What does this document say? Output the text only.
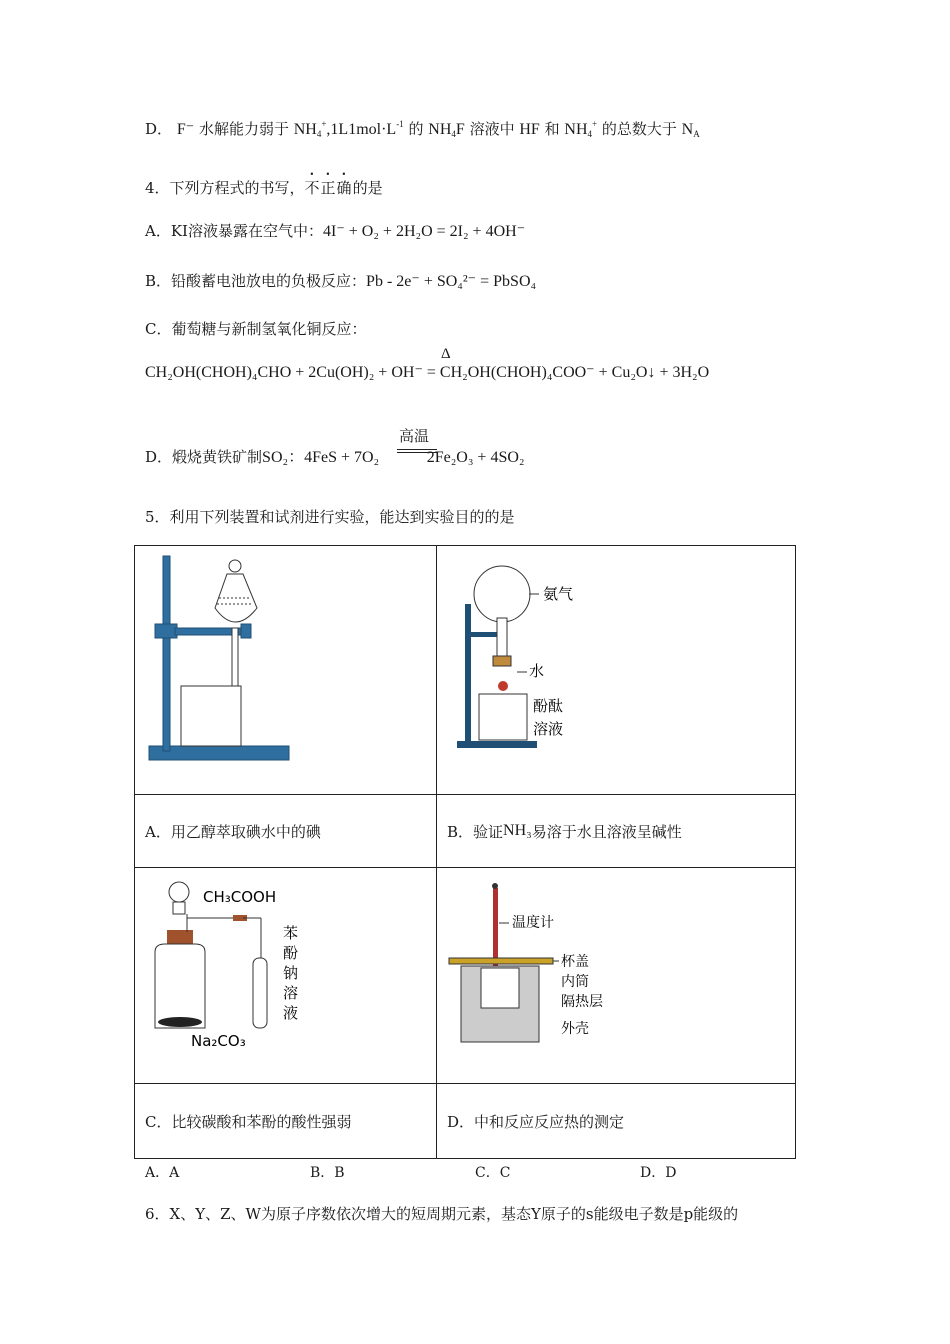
D． F⁻ 水解能力弱于 $NH_4^+,1L1mol\cdot L^{-1}$ 的 $NH_4F$ 溶液中 HF 和 $NH_4^+$ 的总数大于 $N_A$
4．下列方程式的书写，不正确的是
A．KI溶液暴露在空气中：4I⁻ + O₂ + 2H₂O = 2I₂ + 4OH⁻
B．铅酸蓄电池放电的负极反应：Pb - 2e⁻ + SO₄²⁻ = PbSO₄
C．葡萄糖与新制氢氧化铜反应：
Δ
CH₂OH(CHOH)₄CHO + 2Cu(OH)₂ + OH⁻ = CH₂OH(CHOH)₄COO⁻ + Cu₂O↓ + 3H₂O
D．煅烧黄铁矿制SO₂：4FeS + 7O₂	2Fe₂O₃ + 4SO₂
高温
5．利用下列装置和试剂进行实验，能达到实验目的的是
氨气
水
酚酞
溶液
A．用乙醇萃取碘水中的碘	B．验证 NH₃ 易溶于水且溶液呈碱性
CH₃COOH
Na₂CO₃
苯
酚
钠
溶
液
温度计
杯盖
内筒
隔热层
外壳
C．比较碳酸和苯酚的酸性强弱	D．中和反应反应热的测定
A．A	B．B	C．C	D．D
6．X、Y、Z、W为原子序数依次增大的短周期元素，基态Y原子的s能级电子数是p能级的
